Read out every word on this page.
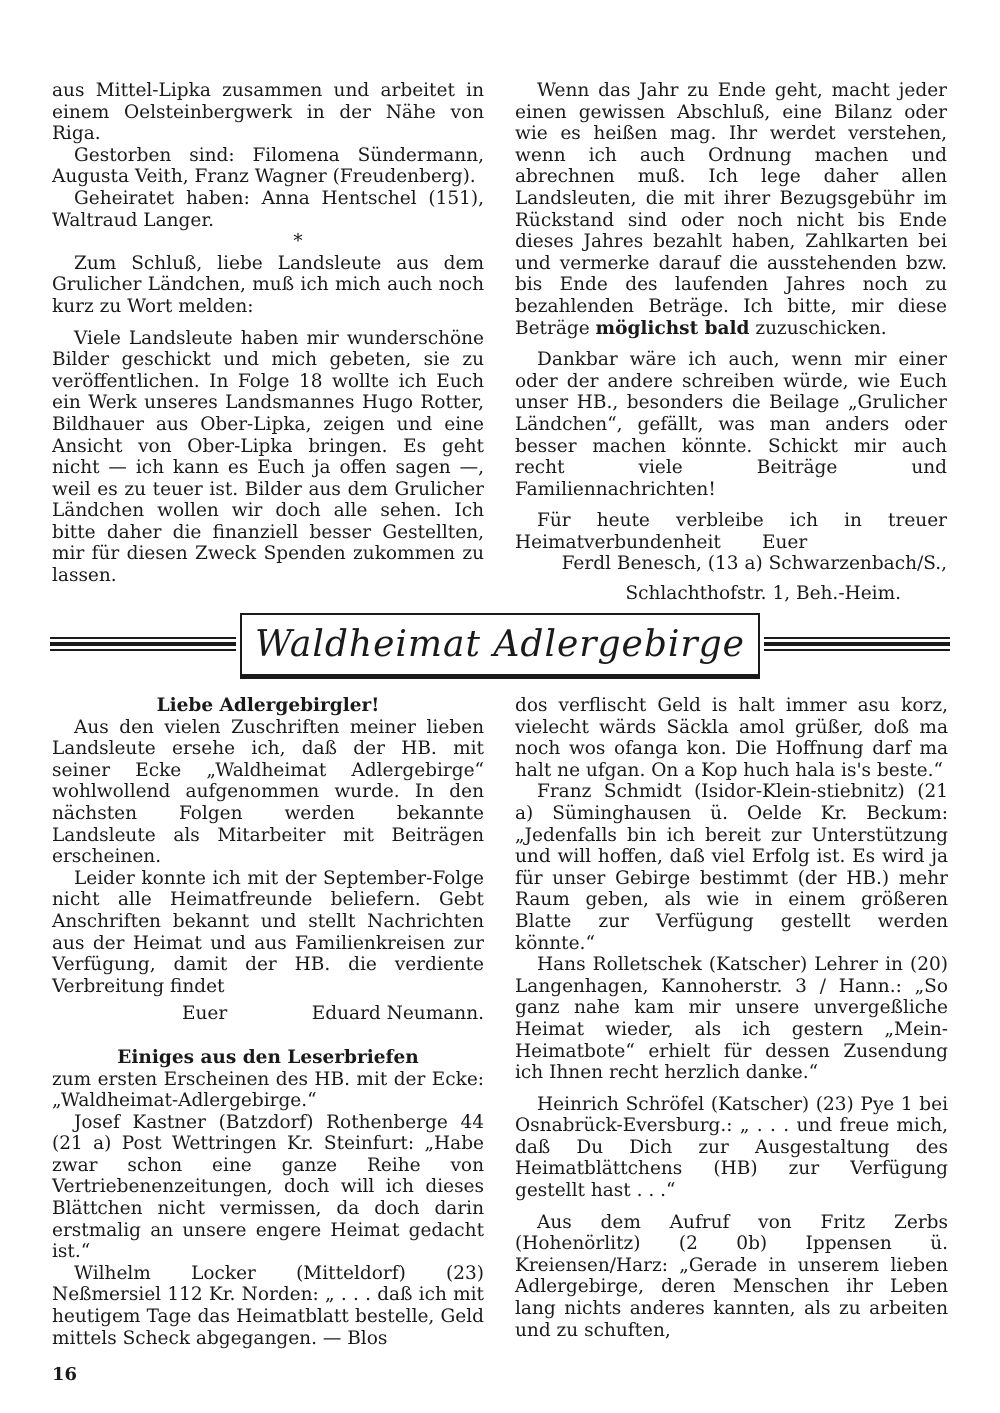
aus Mittel-Lipka zusammen und arbeitet in einem Oelsteinbergwerk in der Nähe von Riga.

Gestorben sind: Filomena Sündermann, Augusta Veith, Franz Wagner (Freudenberg).

Geheiratet haben: Anna Hentschel (151), Waltraud Langer.

*

Zum Schluß, liebe Landsleute aus dem Grulicher Ländchen, muß ich mich auch noch kurz zu Wort melden:

Viele Landsleute haben mir wunderschöne Bilder geschickt und mich gebeten, sie zu veröffentlichen. In Folge 18 wollte ich Euch ein Werk unseres Landsmannes Hugo Rotter, Bildhauer aus Ober-Lipka, zeigen und eine Ansicht von Ober-Lipka bringen. Es geht nicht — ich kann es Euch ja offen sagen —, weil es zu teuer ist. Bilder aus dem Grulicher Ländchen wollen wir doch alle sehen. Ich bitte daher die finanziell besser Gestellten, mir für diesen Zweck Spenden zukommen zu lassen.

Wenn das Jahr zu Ende geht, macht jeder einen gewissen Abschluß, eine Bilanz oder wie es heißen mag. Ihr werdet verstehen, wenn ich auch Ordnung machen und abrechnen muß. Ich lege daher allen Landsleuten, die mit ihrer Bezugsgebühr im Rückstand sind oder noch nicht bis Ende dieses Jahres bezahlt haben, Zahlkarten bei und vermerke darauf die ausstehenden bzw. bis Ende des laufenden Jahres noch zu bezahlenden Beträge. Ich bitte, mir diese Beträge möglichst bald zuzuschicken.

Dankbar wäre ich auch, wenn mir einer oder der andere schreiben würde, wie Euch unser HB., besonders die Beilage „Grulicher Ländchen“, gefällt, was man anders oder besser machen könnte. Schickt mir auch recht viele Beiträge und Familiennachrichten!

Für heute verbleibe ich in treuer Heimatverbundenheit Euer

Ferdl Benesch, (13 a) Schwarzenbach/S.,

Schlachthofstr. 1, Beh.-Heim.

Waldheimat Adlergebirge

Liebe Adlergebirgler!

Aus den vielen Zuschriften meiner lieben Landsleute ersehe ich, daß der HB. mit seiner Ecke „Waldheimat Adlergebirge“ wohlwollend aufgenommen wurde. In den nächsten Folgen werden bekannte Landsleute als Mitarbeiter mit Beiträgen erscheinen.

Leider konnte ich mit der September-Folge nicht alle Heimatfreunde beliefern. Gebt Anschriften bekannt und stellt Nachrichten aus der Heimat und aus Familienkreisen zur Verfügung, damit der HB. die verdiente Verbreitung findet

Euer	Eduard Neumann.

Einiges aus den Leserbriefen

zum ersten Erscheinen des HB. mit der Ecke: „Waldheimat-Adlergebirge.“

Josef Kastner (Batzdorf) Rothenberge 44 (21 a) Post Wettringen Kr. Steinfurt: „Habe zwar schon eine ganze Reihe von Vertriebenenzeitungen, doch will ich dieses Blättchen nicht vermissen, da doch darin erstmalig an unsere engere Heimat gedacht ist.“

Wilhelm Locker (Mitteldorf) (23) Neßmersiel 112 Kr. Norden: „ . . . daß ich mit heutigem Tage das Heimatblatt bestelle, Geld mittels Scheck abgegangen. — Blos

dos verflischt Geld is halt immer asu korz, vielecht wärds Säckla amol grüßer, doß ma noch wos ofanga kon. Die Hoffnung darf ma halt ne ufgan. On a Kop huch hala is's beste.“

Franz Schmidt (Isidor-Klein-stiebnitz) (21 a) Süminghausen ü. Oelde Kr. Beckum: „Jedenfalls bin ich bereit zur Unterstützung und will hoffen, daß viel Erfolg ist. Es wird ja für unser Gebirge bestimmt (der HB.) mehr Raum geben, als wie in einem größeren Blatte zur Verfügung gestellt werden könnte.“

Hans Rolletschek (Katscher) Lehrer in (20) Langenhagen, Kannoherstr. 3 / Hann.: „So ganz nahe kam mir unsere unvergeßliche Heimat wieder, als ich gestern „Mein-Heimatbote“ erhielt für dessen Zusendung ich Ihnen recht herzlich danke.“

Heinrich Schröfel (Katscher) (23) Pye 1 bei Osnabrück-Eversburg.: „ . . . und freue mich, daß Du Dich zur Ausgestaltung des Heimatblättchens (HB) zur Verfügung gestellt hast . . .“

Aus dem Aufruf von Fritz Zerbs (Hohenörlitz) (2 0b) Ippensen ü. Kreiensen/Harz: „Gerade in unserem lieben Adlergebirge, deren Menschen ihr Leben lang nichts anderes kannten, als zu arbeiten und zu schuften,

16
